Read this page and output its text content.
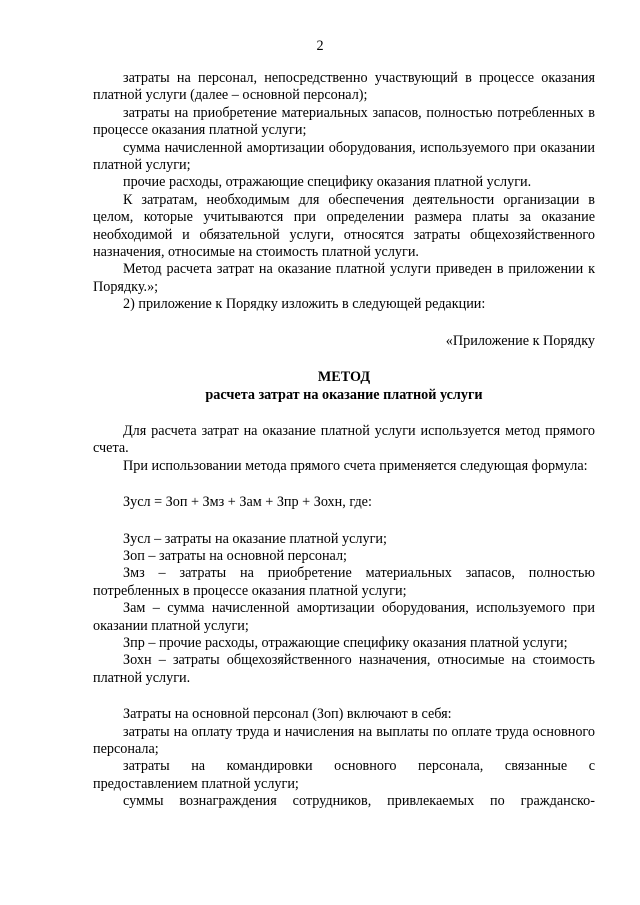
2

затраты на персонал, непосредственно участвующий в процессе оказания платной услуги (далее – основной персонал);

затраты на приобретение материальных запасов, полностью потребленных в процессе оказания платной услуги;

сумма начисленной амортизации оборудования, используемого при оказании платной услуги;

прочие расходы, отражающие специфику оказания платной услуги.

К затратам, необходимым для обеспечения деятельности организации в целом, которые учитываются при определении размера платы за оказание необходимой и обязательной услуги, относятся затраты общехозяйственного назначения, относимые на стоимость платной услуги.

Метод расчета затрат на оказание платной услуги приведен в приложении к Порядку.»;

2) приложение к Порядку изложить в следующей редакции:

«Приложение к Порядку

МЕТОД

расчета затрат на оказание платной услуги

Для расчета затрат на оказание платной услуги используется метод прямого счета.

При использовании метода прямого счета применяется следующая формула:

Зусл = Зоп + Змз + Зам + Зпр + Зохн, где:

Зусл – затраты на оказание платной услуги;

Зоп – затраты на основной персонал;

Змз – затраты на приобретение материальных запасов, полностью потребленных в процессе оказания платной услуги;

Зам – сумма начисленной амортизации оборудования, используемого при оказании платной услуги;

Зпр – прочие расходы, отражающие специфику оказания платной услуги;

Зохн – затраты общехозяйственного назначения, относимые на стоимость платной услуги.

Затраты на основной персонал (Зоп) включают в себя:

затраты на оплату труда и начисления на выплаты по оплате труда основного персонала;

затраты на командировки основного персонала, связанные с предоставлением платной услуги;

суммы вознаграждения сотрудников, привлекаемых по гражданско-
